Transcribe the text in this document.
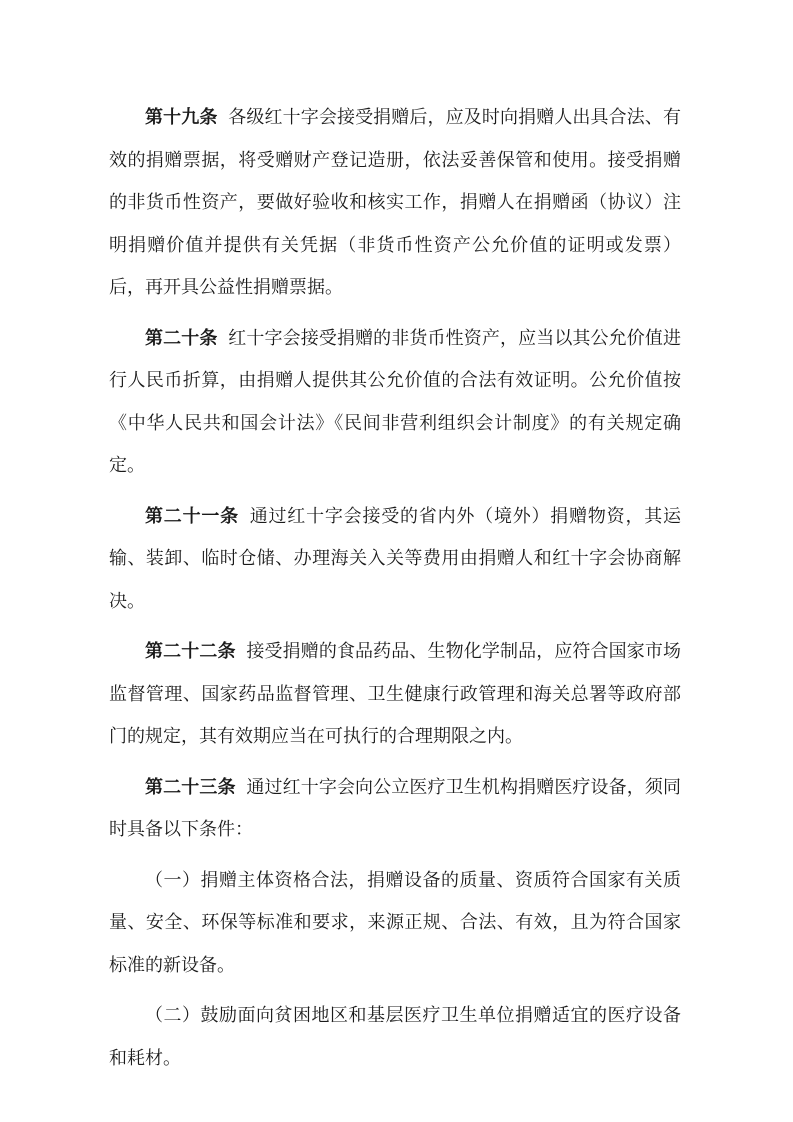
第十九条 各级红十字会接受捐赠后，应及时向捐赠人出具合法、有效的捐赠票据，将受赠财产登记造册，依法妥善保管和使用。接受捐赠的非货币性资产，要做好验收和核实工作，捐赠人在捐赠函（协议）注明捐赠价值并提供有关凭据（非货币性资产公允价值的证明或发票）后，再开具公益性捐赠票据。

第二十条 红十字会接受捐赠的非货币性资产，应当以其公允价值进行人民币折算，由捐赠人提供其公允价值的合法有效证明。公允价值按《中华人民共和国会计法》《民间非营利组织会计制度》的有关规定确定。

第二十一条 通过红十字会接受的省内外（境外）捐赠物资，其运输、装卸、临时仓储、办理海关入关等费用由捐赠人和红十字会协商解决。

第二十二条 接受捐赠的食品药品、生物化学制品，应符合国家市场监督管理、国家药品监督管理、卫生健康行政管理和海关总署等政府部门的规定，其有效期应当在可执行的合理期限之内。

第二十三条 通过红十字会向公立医疗卫生机构捐赠医疗设备，须同时具备以下条件：

（一）捐赠主体资格合法，捐赠设备的质量、资质符合国家有关质量、安全、环保等标准和要求，来源正规、合法、有效，且为符合国家标准的新设备。

（二）鼓励面向贫困地区和基层医疗卫生单位捐赠适宜的医疗设备和耗材。
